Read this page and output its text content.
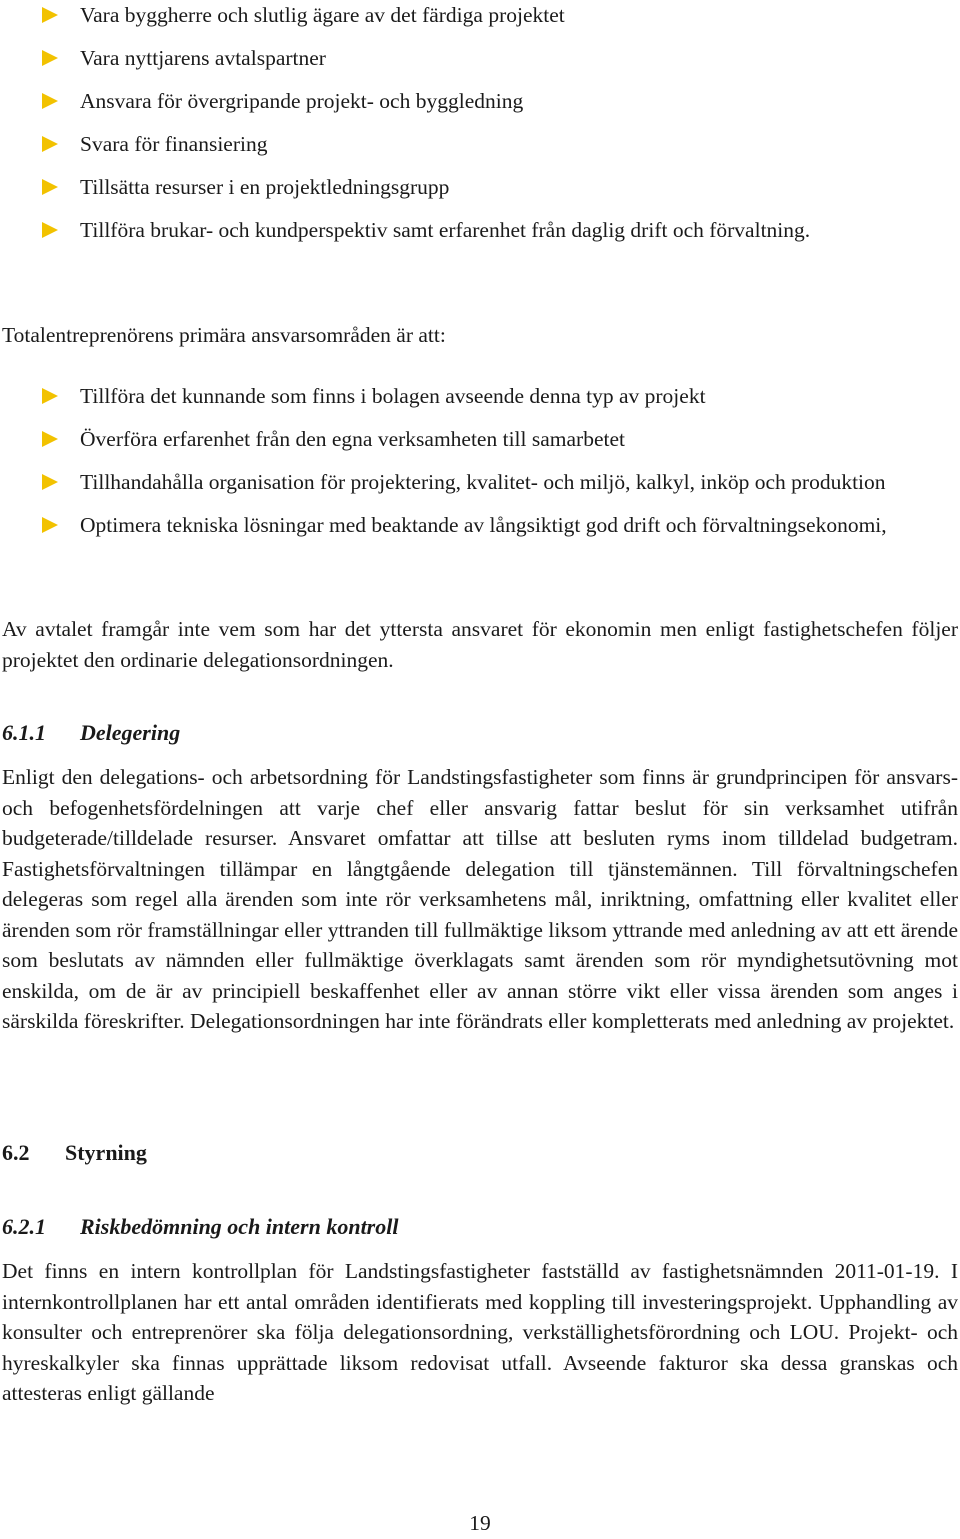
Vara byggherre och slutlig ägare av det färdiga projektet
Vara nyttjarens avtalspartner
Ansvara för övergripande projekt- och byggledning
Svara för finansiering
Tillsätta resurser i en projektledningsgrupp
Tillföra brukar- och kundperspektiv samt erfarenhet från daglig drift och förvaltning.

Totalentreprenörens primära ansvarsområden är att:

Tillföra det kunnande som finns i bolagen avseende denna typ av projekt
Överföra erfarenhet från den egna verksamheten till samarbetet
Tillhandahålla organisation för projektering, kvalitet- och miljö, kalkyl, inköp och produktion
Optimera tekniska lösningar med beaktande av långsiktigt god drift och förvaltningsekonomi,

Av avtalet framgår inte vem som har det yttersta ansvaret för ekonomin men enligt fastighetschefen följer projektet den ordinarie delegationsordningen.

6.1.1 Delegering

Enligt den delegations- och arbetsordning för Landstingsfastigheter som finns är grundprincipen för ansvars- och befogenhetsfördelningen att varje chef eller ansvarig fattar beslut för sin verksamhet utifrån budgeterade/tilldelade resurser. Ansvaret omfattar att tillse att besluten ryms inom tilldelad budgetram. Fastighetsförvaltningen tillämpar en långtgående delegation till tjänstemännen. Till förvaltningschefen delegeras som regel alla ärenden som inte rör verksamhetens mål, inriktning, omfattning eller kvalitet eller ärenden som rör framställningar eller yttranden till fullmäktige liksom yttrande med anledning av att ett ärende som beslutats av nämnden eller fullmäktige överklagats samt ärenden som rör myndighetsutövning mot enskilda, om de är av principiell beskaffenhet eller av annan större vikt eller vissa ärenden som anges i särskilda föreskrifter. Delegationsordningen har inte förändrats eller kompletterats med anledning av projektet.

6.2 Styrning
6.2.1 Riskbedömning och intern kontroll

Det finns en intern kontrollplan för Landstingsfastigheter fastställd av fastighetsnämnden 2011-01-19. I internkontrollplanen har ett antal områden identifierats med koppling till investeringsprojekt. Upphandling av konsulter och entreprenörer ska följa delegationsordning, verkställighetsförordning och LOU. Projekt- och hyreskalkyler ska finnas upprättade liksom redovisat utfall. Avseende fakturor ska dessa granskas och attesteras enligt gällande

19
